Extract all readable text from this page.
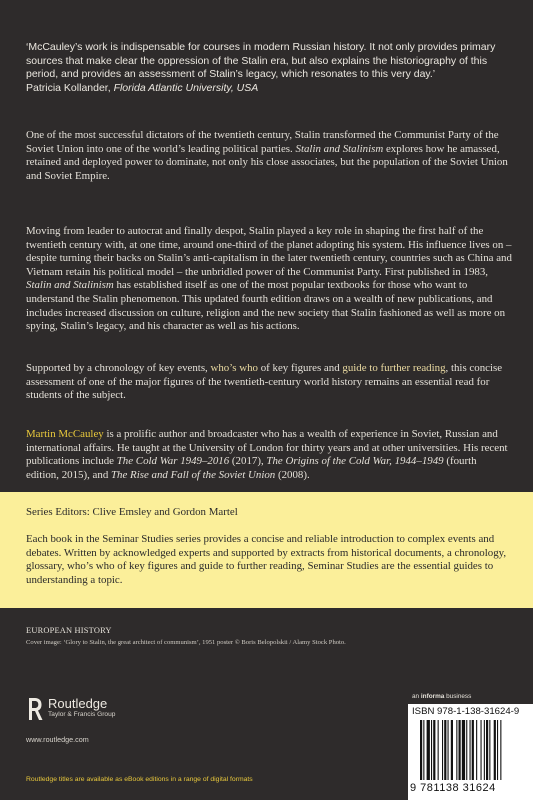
‘McCauley’s work is indispensable for courses in modern Russian history. It not only provides primary sources that make clear the oppression of the Stalin era, but also explains the historiography of this period, and provides an assessment of Stalin’s legacy, which resonates to this very day.’
Patricia Kollander, Florida Atlantic University, USA

One of the most successful dictators of the twentieth century, Stalin transformed the Communist Party of the Soviet Union into one of the world’s leading political parties. Stalin and Stalinism explores how he amassed, retained and deployed power to dominate, not only his close associates, but the population of the Soviet Union and Soviet Empire.

Moving from leader to autocrat and finally despot, Stalin played a key role in shaping the first half of the twentieth century with, at one time, around one-third of the planet adopting his system. His influence lives on – despite turning their backs on Stalin’s anti-capitalism in the later twentieth century, countries such as China and Vietnam retain his political model – the unbridled power of the Communist Party. First published in 1983, Stalin and Stalinism has established itself as one of the most popular textbooks for those who want to understand the Stalin phenomenon. This updated fourth edition draws on a wealth of new publications, and includes increased discussion on culture, religion and the new society that Stalin fashioned as well as more on spying, Stalin’s legacy, and his character as well as his actions.

Supported by a chronology of key events, who’s who of key figures and guide to further reading, this concise assessment of one of the major figures of the twentieth-century world history remains an essential read for students of the subject.

Martin McCauley is a prolific author and broadcaster who has a wealth of experience in Soviet, Russian and international affairs. He taught at the University of London for thirty years and at other universities. His recent publications include The Cold War 1949–2016 (2017), The Origins of the Cold War, 1944–1949 (fourth edition, 2015), and The Rise and Fall of the Soviet Union (2008).

Series Editors: Clive Emsley and Gordon Martel

Each book in the Seminar Studies series provides a concise and reliable introduction to complex events and debates. Written by acknowledged experts and supported by extracts from historical documents, a chronology, glossary, who’s who of key figures and guide to further reading, Seminar Studies are the essential guides to understanding a topic.

EUROPEAN HISTORY
Cover image: ‘Glory to Stalin, the great architect of communism’, 1951 poster © Boris Belopolskii / Alamy Stock Photo.
Routledge
Taylor & Francis Group
www.routledge.com
Routledge titles are available as eBook editions in a range of digital formats
an informa business
ISBN 978-1-138-31624-9
9 781138 31624
